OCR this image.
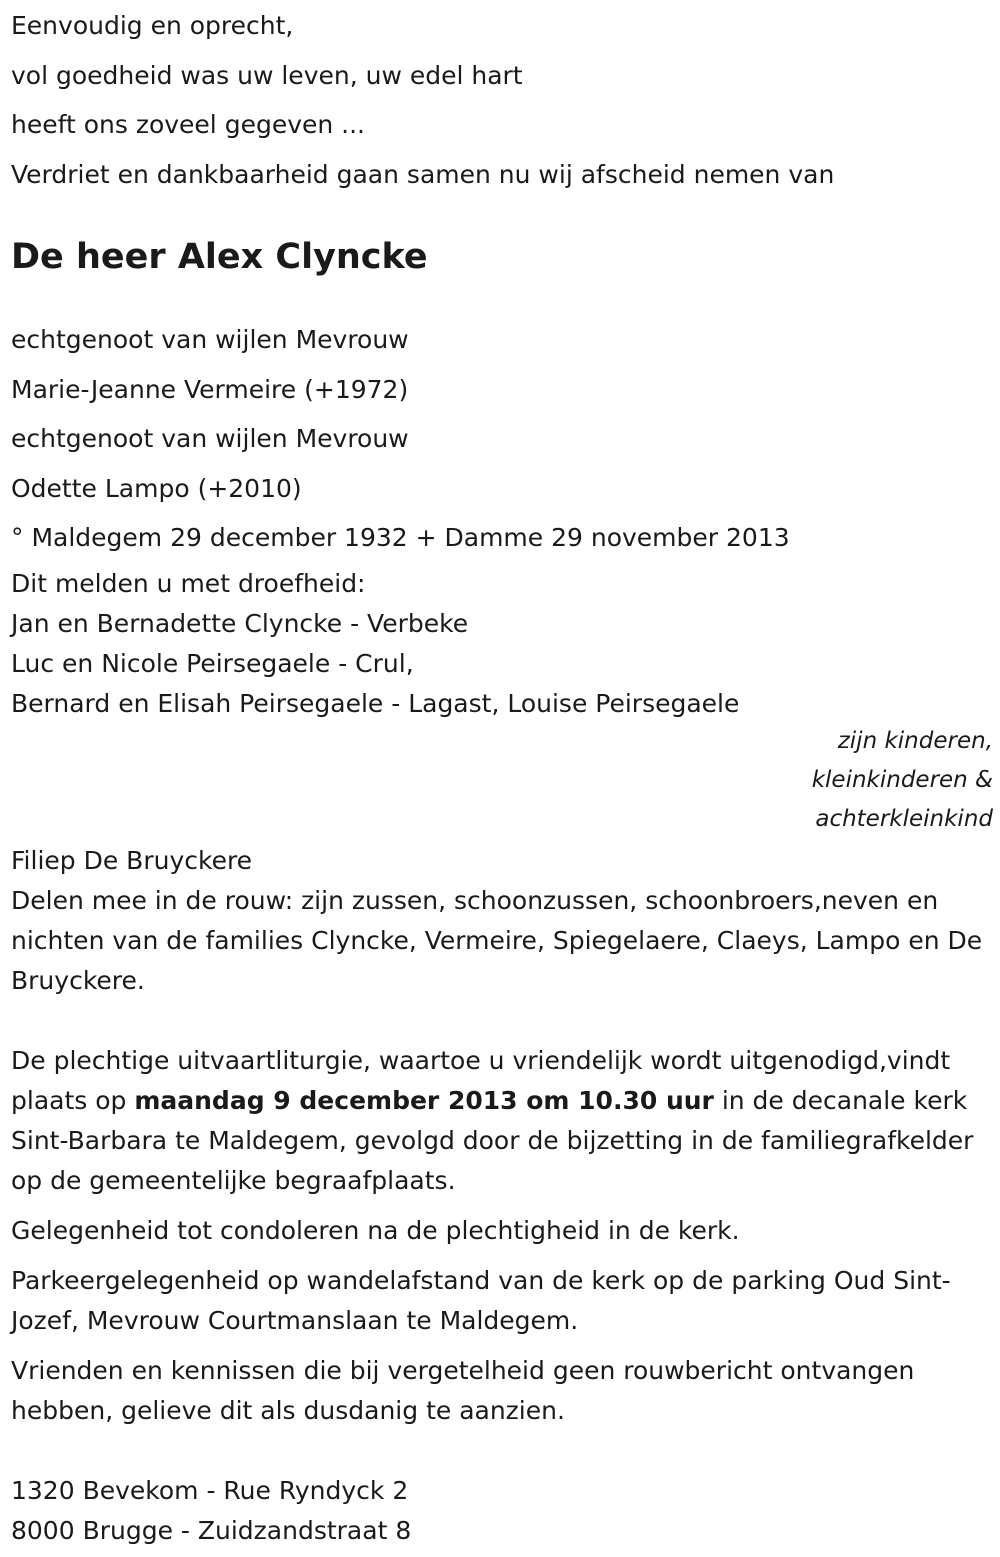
Eenvoudig en oprecht,
vol goedheid was uw leven, uw edel hart
heeft ons zoveel gegeven ...
Verdriet en dankbaarheid gaan samen nu wij afscheid nemen van
De heer Alex Clyncke
echtgenoot van wijlen Mevrouw
Marie-Jeanne Vermeire (+1972)
echtgenoot van wijlen Mevrouw
Odette Lampo (+2010)
° Maldegem 29 december 1932 + Damme 29 november 2013
Dit melden u met droefheid:
Jan en Bernadette Clyncke - Verbeke
Luc en Nicole Peirsegaele - Crul,
Bernard en Elisah Peirsegaele - Lagast, Louise Peirsegaele
zijn kinderen,
kleinkinderen &
achterkleinkind
Filiep De Bruyckere
Delen mee in de rouw: zijn zussen, schoonzussen, schoonbroers,neven en nichten van de families Clyncke, Vermeire, Spiegelaere, Claeys, Lampo en De Bruyckere.
De plechtige uitvaartliturgie, waartoe u vriendelijk wordt uitgenodigd,vindt plaats op maandag 9 december 2013 om 10.30 uur in de decanale kerk Sint-Barbara te Maldegem, gevolgd door de bijzetting in de familiegrafkelder op de gemeentelijke begraafplaats.
Gelegenheid tot condoleren na de plechtigheid in de kerk.
Parkeergelegenheid op wandelafstand van de kerk op de parking Oud Sint-Jozef, Mevrouw Courtmanslaan te Maldegem.
Vrienden en kennissen die bij vergetelheid geen rouwbericht ontvangen hebben, gelieve dit als dusdanig te aanzien.
1320 Bevekom - Rue Ryndyck 2
8000 Brugge - Zuidzandstraat 8
